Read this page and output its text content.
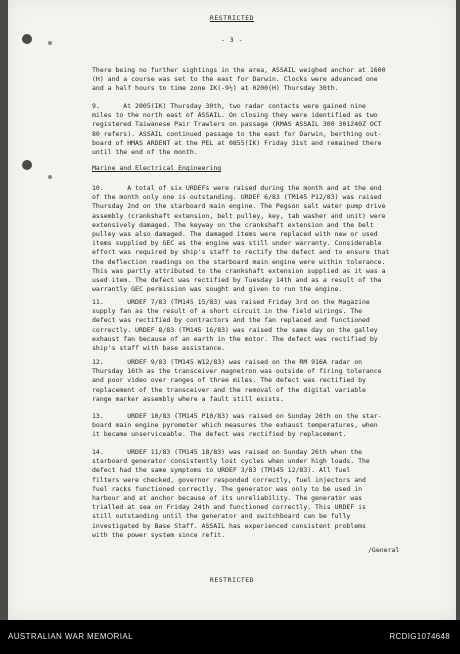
RESTRICTED
- 3 -
There being no further sightings in the area, ASSAIL weighed anchor at 1600
(H) and a course was set to the east for Darwin. Clocks were advanced one
and a half hours to time zone IK(-9½) at 0200(H) Thursday 30th.
9.      At 2005(IK) Thursday 30th, two radar contacts were gained nine
miles to the north east of ASSAIL. On closing they were identified as two
registered Taiwanese Pair Trawlers on passage (RMAS ASSAIL 300 301240Z OCT
80 refers). ASSAIL continued passage to the east for Darwin, berthing out-
board of HMAS ARDENT at the PEL at 0855(IK) Friday 31st and remained there
until the end of the month.
Marine and Electrical Engineering
10.      A total of six URDEFs were raised during the month and at the end
of the month only one is outstanding. URDEF 6/83 (TM145 P12/83) was raised
Thursday 2nd on the starboard main engine. The Pegson salt water pump drive
assembly (crankshaft extension, belt pulley, key, tab washer and unit) were
extensively damaged. The keyway on the crankshaft extension and the belt
pulley was also damaged. The damaged items were replaced with new or used
items supplied by GEC as the engine was still under warranty. Considerable
effort was required by ship's staff to rectify the defect and to ensure that
the deflection readings on the starboard main engine were within tolerance.
This was partly attributed to the crankshaft extension supplied as it was a
used item. The defect was rectified by Tuesday 14th and as a result of the
warrantly GEC permission was sought and given to run the engine.
11.      URDEF 7/83 (TM145 15/83) was raised Friday 3rd on the Magazine
supply fan as the result of a short circuit in the field wirings. The
defect was rectified by contractors and the fan replaced and functioned
correctly. URDEF 8/83 (TM145 16/83) was raised the same day on the galley
exhaust fan because of an earth in the motor. The defect was rectified by
ship's staff with base assistance.
12.      URDEF 9/83 (TM145 W12/83) was raised on the RM 916A radar on
Thursday 16th as the transceiver magnetron was outside of firing tolerance
and poor video over ranges of three miles. The defect was rectified by
replacement of the transceiver and the removal of the digital variable
range marker assembly where a fault still exists.
13.      URDEF 10/83 (TM145 P10/83) was raised on Sunday 26th on the star-
board main engine pyrometer which measures the exhaust temperatures, when
it became unserviceable. The defect was rectified by replacement.
14.      URDEF 11/83 (TM145 18/83) was raised on Sunday 26th when the
starboard generator consistently lost cycles when under high loads. The
defect had the same symptoms to URDEF 3/83 (TM145 12/83). All fuel
filters were checked, governor responded correctly, fuel injectors and
fuel racks functioned correctly. The generator was only to be used in
harbour and at anchor because of its unreliability. The generator was
trialled at sea on Friday 24th and functioned correctly. This URDEF is
still outstanding until the generator and switchboard can be fully
investigated by Base Staff. ASSAIL has experienced consistent problems
with the power system since refit.
/General
RESTRICTED
AUSTRALIAN WAR MEMORIAL	RCDIG1074648
